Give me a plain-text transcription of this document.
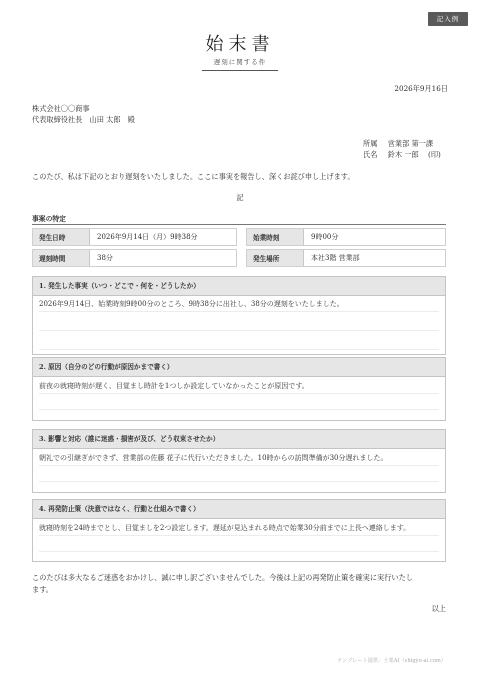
記入例
始末書
遅刻に関する件
2026年9月16日
株式会社〇〇商事
代表取締役社長　山田 太郎　殿
所属 営業部 第一課
氏名 鈴木 一郎 (印)
このたび、私は下記のとおり遅刻をいたしました。ここに事実を報告し、深くお詫び申し上げます。
記
事案の特定
発生日時	2026年9月14日（月）9時38分	始業時刻	9時00分
遅刻時間	38分	発生場所	本社3階 営業部
1. 発生した事実（いつ・どこで・何を・どうしたか）
2026年9月14日、始業時刻9時00分のところ、9時38分に出社し、38分の遅刻をいたしました。
2. 原因（自分のどの行動が原因かまで書く）
前夜の就寝時刻が遅く、目覚まし時計を1つしか設定していなかったことが原因です。
3. 影響と対応（誰に迷惑・損害が及び、どう収束させたか）
朝礼での引継ぎができず、営業部の佐藤 花子に代行いただきました。10時からの訪問準備が30分遅れました。
4. 再発防止策（決意ではなく、行動と仕組みで書く）
就寝時刻を24時までとし、目覚ましを2つ設定します。遅延が見込まれる時点で始業30分前までに上長へ連絡します。
このたびは多大なるご迷惑をおかけし、誠に申し訳ございませんでした。今後は上記の再発防止策を確実に実行いたし
ます。
以上
テンプレート提供：士業AI（shigyo-ai.com）
